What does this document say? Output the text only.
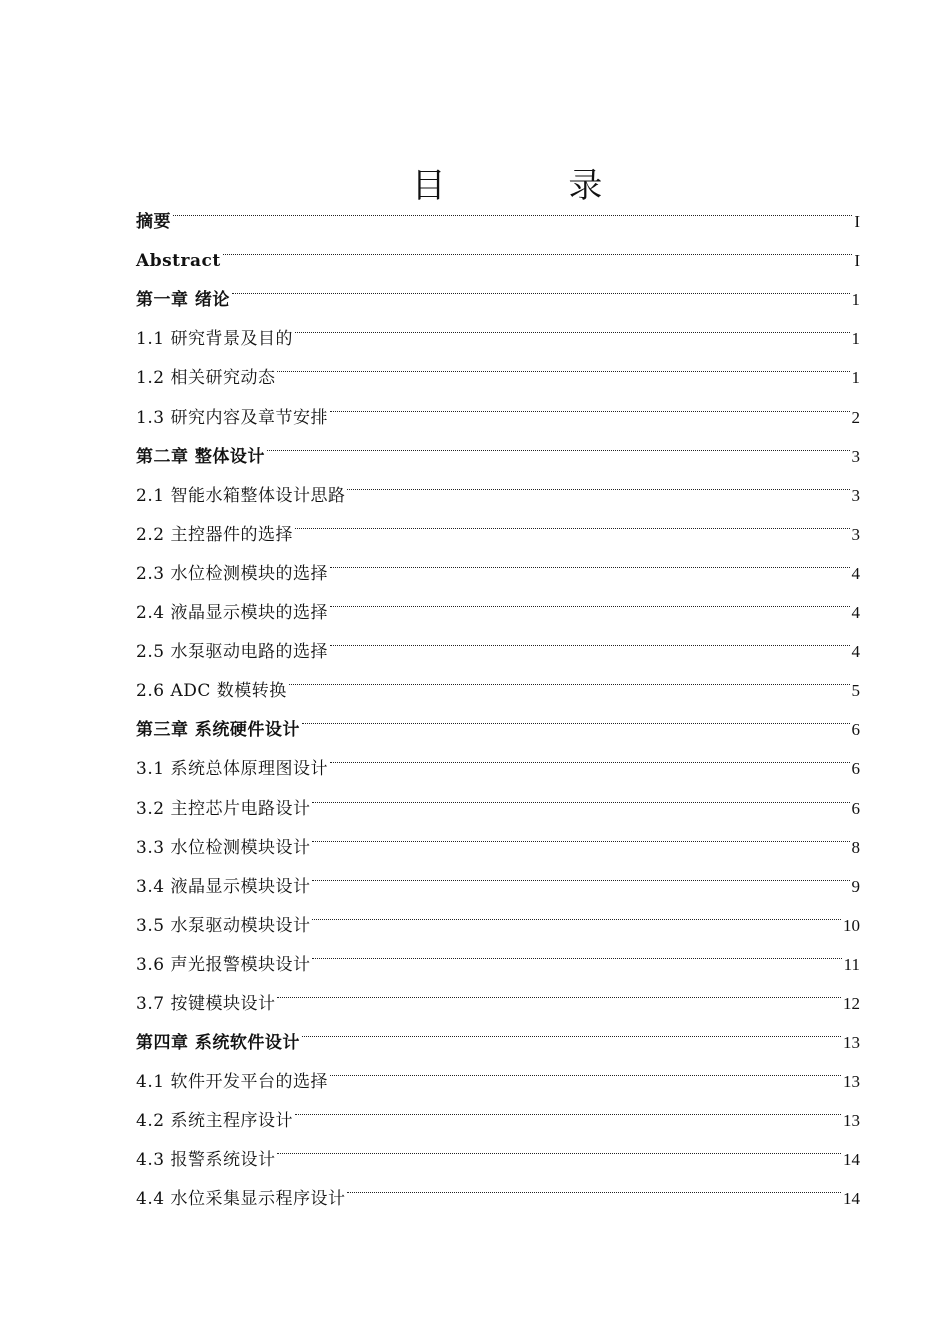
目 录
摘要	I
Abstract	I
第一章 绪论	1
1.1 研究背景及目的	1
1.2 相关研究动态	1
1.3 研究内容及章节安排	2
第二章 整体设计	3
2.1 智能水箱整体设计思路	3
2.2 主控器件的选择	3
2.3 水位检测模块的选择	4
2.4 液晶显示模块的选择	4
2.5 水泵驱动电路的选择	4
2.6 ADC 数模转换	5
第三章 系统硬件设计	6
3.1 系统总体原理图设计	6
3.2 主控芯片电路设计	6
3.3 水位检测模块设计	8
3.4 液晶显示模块设计	9
3.5 水泵驱动模块设计	10
3.6 声光报警模块设计	11
3.7 按键模块设计	12
第四章 系统软件设计	13
4.1 软件开发平台的选择	13
4.2 系统主程序设计	13
4.3 报警系统设计	14
4.4 水位采集显示程序设计	14
